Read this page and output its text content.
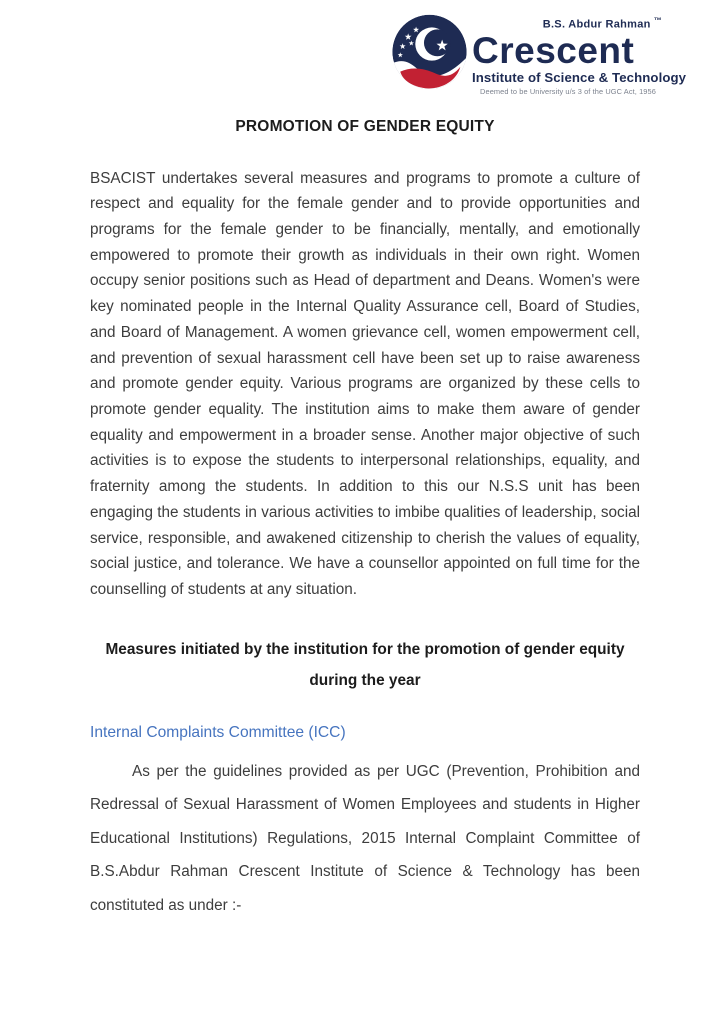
B.S. Abdur Rahman ™
Crescent
Institute of Science & Technology
Deemed to be University u/s 3 of the UGC Act, 1956
PROMOTION OF GENDER EQUITY

BSACIST undertakes several measures and programs to promote a culture of respect and equality for the female gender and to provide opportunities and programs for the female gender to be financially, mentally, and emotionally empowered to promote their growth as individuals in their own right. Women occupy senior positions such as Head of department and Deans. Women's were key nominated people in the Internal Quality Assurance cell, Board of Studies, and Board of Management. A women grievance cell, women empowerment cell, and prevention of sexual harassment cell have been set up to raise awareness and promote gender equity. Various programs are organized by these cells to promote gender equality. The institution aims to make them aware of gender equality and empowerment in a broader sense. Another major objective of such activities is to expose the students to interpersonal relationships, equality, and fraternity among the students. In addition to this our N.S.S unit has been engaging the students in various activities to imbibe qualities of leadership, social service, responsible, and awakened citizenship to cherish the values of equality, social justice, and tolerance. We have a counsellor appointed on full time for the counselling of students at any situation.

Measures initiated by the institution for the promotion of gender equity during the year
Internal Complaints Committee (ICC)

As per the guidelines provided as per UGC (Prevention, Prohibition and Redressal of Sexual Harassment of Women Employees and students in Higher Educational Institutions) Regulations, 2015 Internal Complaint Committee of B.S.Abdur Rahman Crescent Institute of Science & Technology has been constituted as under :-
